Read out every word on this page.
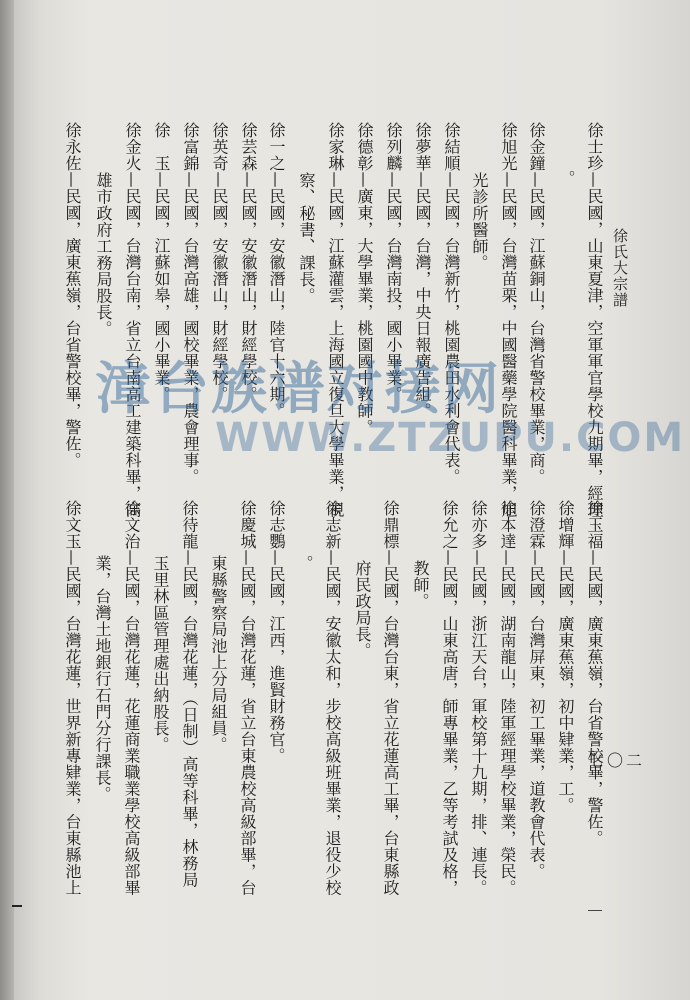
徐氏大宗譜
七〇二
徐士珍—民國，山東夏津，空軍軍官學校九期畢，經理
。
徐金鐘—民國，江蘇銅山，台灣省警校畢業，商。
徐旭光—民國，台灣苗栗，中國醫藥學院醫科畢業，旭
光診所醫師。
徐結順—民國，台灣新竹，桃園農田水利會代表。
徐夢華—民國，台灣，中央日報廣告組。
徐列麟—民國，台灣南投，國小畢業。
徐德彰—廣東，大學畢業，桃園國中教師。
徐家琳—民國，江蘇灌雲，上海國立復旦大學畢業，視
察、秘書、課長。
徐一之—民國，安徽潛山，陸官十六期。
徐芸森—民國，安徽潛山，財經學校。
徐英奇—民國，安徽潛山，財經學校。
徐富錦—民國，台灣高雄，國校畢業，農會理事。
徐　玉—民國，江蘇如皋，國小畢業。
徐金火—民國，台灣台南，省立台南高工建築科畢，高
雄市政府工務局股長。
徐永佐—民國，廣東蕉嶺，台省警校畢，警佐。
徐玉福—民國，廣東蕉嶺，台省警校畢，警佐。
徐增輝—民國，廣東蕉嶺，初中肄業，工。
徐澄霖—民國，台灣屏東，初工畢業，道教會代表。
徐本達—民國，湖南龍山，陸軍經理學校畢業，榮民。
徐亦多—民國，浙江天台，軍校第十九期，排、連長。
徐允之—民國，山東高唐，師專畢業，乙等考試及格，
教師。
徐鼎標—民國，台灣台東，省立花蓮高工畢，台東縣政
府民政局長。
徐志新—民國，安徽太和，步校高級班畢業，退役少校
。
徐志鸚—民國，江西，進賢財務官。
徐慶城—民國，台灣花蓮，省立台東農校高級部畢，台
東縣警察局池上分局組員。
徐待龍—民國，台灣花蓮，（日制）高等科畢，林務局
玉里林區管理處出納股長。
徐文治—民國，台灣花蓮，花蓮商業職業學校高級部畢
業，台灣土地銀行石門分行課長。
徐文玉—民國，台灣花蓮，世界新專肄業，台東縣池上
漳台族谱对接网
WWW.ZTZUPU.COM
